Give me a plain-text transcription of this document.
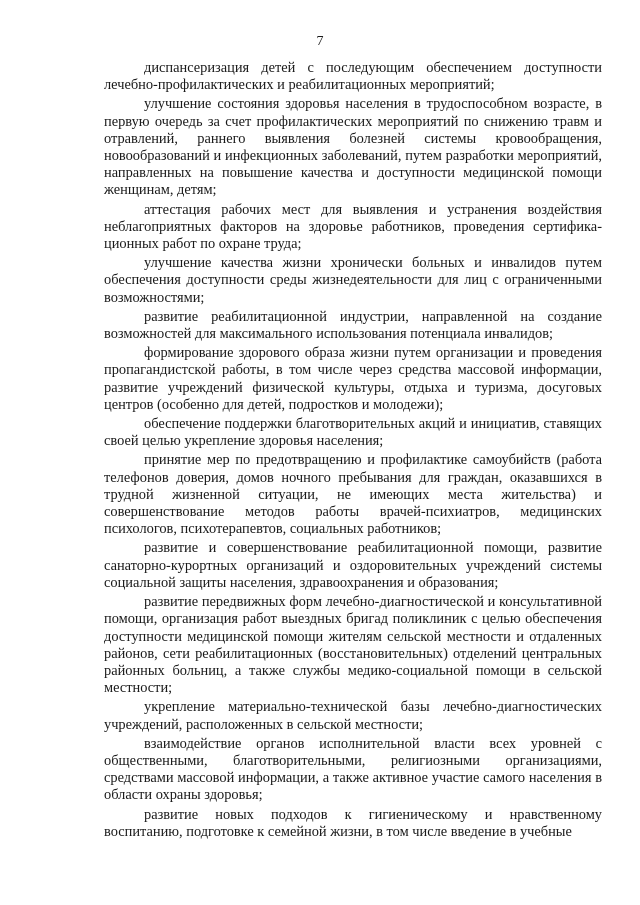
7

диспансеризация детей с последующим обеспечением доступности лечебно-профилактических и реабилитационных мероприятий;

улучшение состояния здоровья населения в трудоспособном возрасте, в первую очередь за счет профилактических мероприятий по снижению травм и отравлений, раннего выявления болезней системы кровообращения, новообразований и инфекционных заболеваний, путем разработки мероприятий, направленных на повышение качества и доступности медицинской помощи женщинам, детям;

аттестация рабочих мест для выявления и устранения воздействия неблагоприятных факторов на здоровье работников, проведения сертификационных работ по охране труда;

улучшение качества жизни хронически больных и инвалидов путем обеспечения доступности среды жизнедеятельности для лиц с ограниченными возможностями;

развитие реабилитационной индустрии, направленной на создание возможностей для максимального использования потенциала инвалидов;

формирование здорового образа жизни путем организации и проведения пропагандистской работы, в том числе через средства массовой информации, развитие учреждений физической культуры, отдыха и туризма, досуговых центров (особенно для детей, подростков и молодежи);

обеспечение поддержки благотворительных акций и инициатив, ставящих своей целью укрепление здоровья населения;

принятие мер по предотвращению и профилактике самоубийств (работа телефонов доверия, домов ночного пребывания для граждан, оказавшихся в трудной жизненной ситуации, не имеющих места жительства) и совершенствование методов работы врачей-психиатров, медицинских психологов, психотерапевтов, социальных работников;

развитие и совершенствование реабилитационной помощи, развитие санаторно-курортных организаций и оздоровительных учреждений системы социальной защиты населения, здравоохранения и образования;

развитие передвижных форм лечебно-диагностической и консультативной помощи, организация работ выездных бригад поликлиник с целью обеспечения доступности медицинской помощи жителям сельской местности и отдаленных районов, сети реабилитационных (восстановительных) отделений центральных районных больниц, а также службы медико-социальной помощи в сельской местности;

укрепление материально-технической базы лечебно-диагностических учреждений, расположенных в сельской местности;

взаимодействие органов исполнительной власти всех уровней с общественными, благотворительными, религиозными организациями, средствами массовой информации, а также активное участие самого населения в области охраны здоровья;

развитие новых подходов к гигиеническому и нравственному воспитанию, подготовке к семейной жизни, в том числе введение в учебные
